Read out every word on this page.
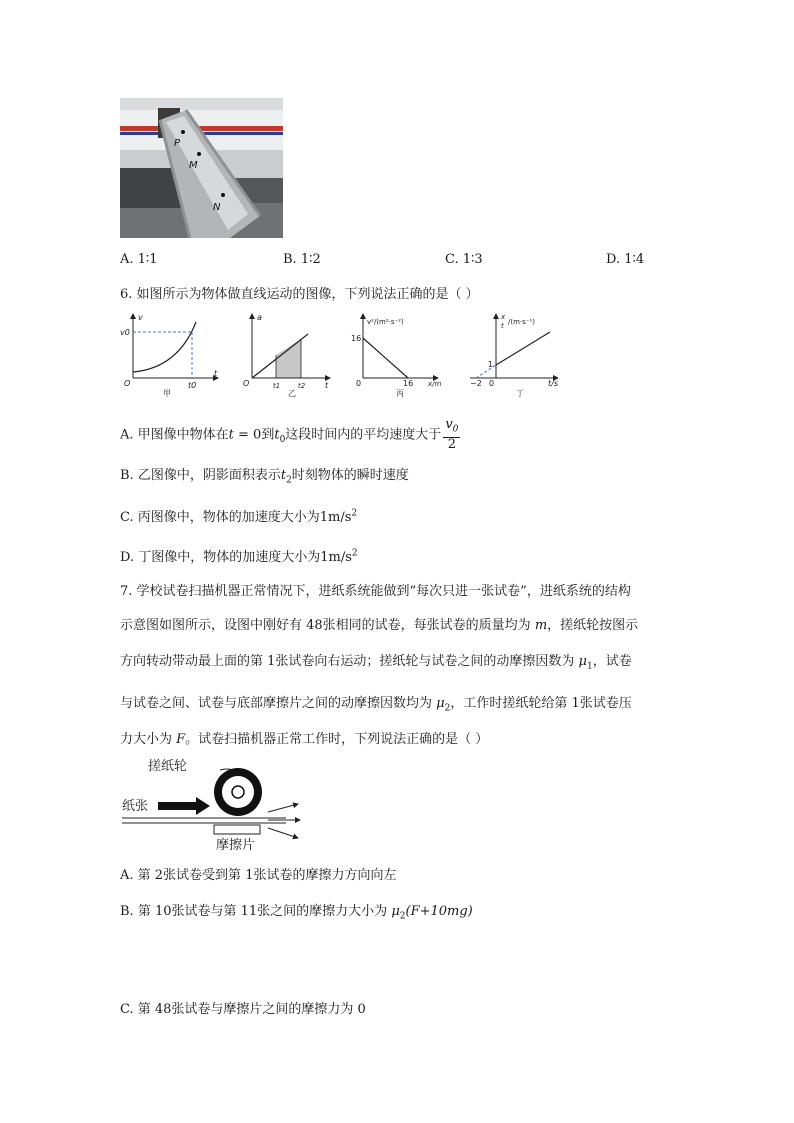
P
M
N
A. 1∶1	B. 1∶2	C. 1∶3	D. 1∶4
6. 如图所示为物体做直线运动的图像，下列说法正确的是（ ）
v
t
v0
t0
O
甲
a
t
t1	t2
O
乙
v²/(m²·s⁻²)
x/m
16
16
0
丙
x
t /(m·s⁻¹)
t/s
1
−2 0
丁
A. 甲图像中物体在t = 0到$t_0$这段时间内的平均速度大于 $\frac{v_0}{2}$
B. 乙图像中，阴影面积表示$t_2$时刻物体的瞬时速度
C. 丙图像中，物体的加速度大小为$1m/s^2$
D. 丁图像中，物体的加速度大小为$1m/s^2$
7. 学校试卷扫描机器正常情况下，进纸系统能做到“每次只进一张试卷”，进纸系统的结构
示意图如图所示，设图中刚好有 48张相同的试卷，每张试卷的质量均为 m，搓纸轮按图示
方向转动带动最上面的第 1张试卷向右运动；搓纸轮与试卷之间的动摩擦因数为 $\mu_1$，试卷
与试卷之间、试卷与底部摩擦片之间的动摩擦因数均为 $\mu_2$，工作时搓纸轮给第 1张试卷压
力大小为 F。试卷扫描机器正常工作时，下列说法正确的是（ ）
搓纸轮
纸张
摩擦片
A. 第 2张试卷受到第 1张试卷的摩擦力方向向左
B. 第 10张试卷与第 11张之间的摩擦力大小为 $\mu_2(F+10mg)$
C. 第 48张试卷与摩擦片之间的摩擦力为 0
